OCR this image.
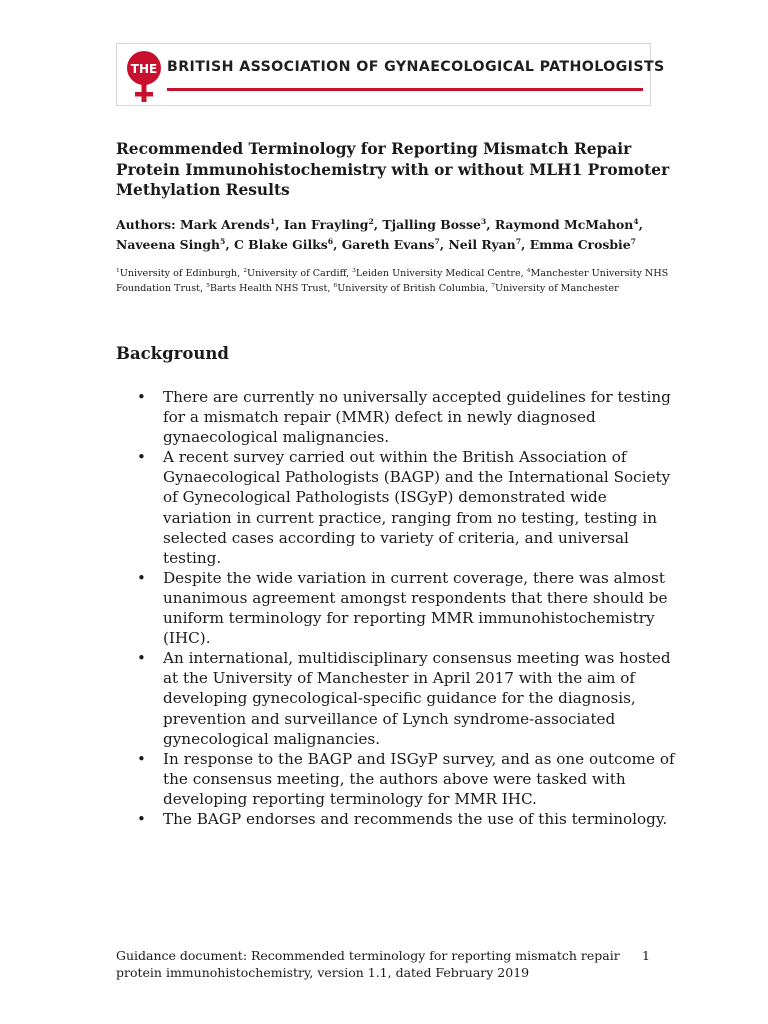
THE BRITISH ASSOCIATION OF GYNAECOLOGICAL PATHOLOGISTS
Recommended Terminology for Reporting Mismatch Repair Protein Immunohistochemistry with or without MLH1 Promoter Methylation Results

Authors: Mark Arends$^1$, Ian Frayling$^2$, Tjalling Bosse$^3$, Raymond McMahon$^4$, Naveena Singh$^5$, C Blake Gilks$^6$, Gareth Evans$^7$, Neil Ryan$^7$, Emma Crosbie$^7$

$^1$University of Edinburgh, $^2$University of Cardiff, $^3$Leiden University Medical Centre, $^4$Manchester University NHS Foundation Trust, $^5$Barts Health NHS Trust, $^6$University of British Columbia, $^7$University of Manchester

Background
• There are currently no universally accepted guidelines for testing for a mismatch repair (MMR) defect in newly diagnosed gynaecological malignancies.
• A recent survey carried out within the British Association of Gynaecological Pathologists (BAGP) and the International Society of Gynecological Pathologists (ISGyP) demonstrated wide variation in current practice, ranging from no testing, testing in selected cases according to variety of criteria, and universal testing.
• Despite the wide variation in current coverage, there was almost unanimous agreement amongst respondents that there should be uniform terminology for reporting MMR immunohistochemistry (IHC).
• An international, multidisciplinary consensus meeting was hosted at the University of Manchester in April 2017 with the aim of developing gynecological-specific guidance for the diagnosis, prevention and surveillance of Lynch syndrome-associated gynecological malignancies.
• In response to the BAGP and ISGyP survey, and as one outcome of the consensus meeting, the authors above were tasked with developing reporting terminology for MMR IHC.
• The BAGP endorses and recommends the use of this terminology.
Guidance document: Recommended terminology for reporting mismatch repair protein immunohistochemistry, version 1.1, dated February 2019
1
